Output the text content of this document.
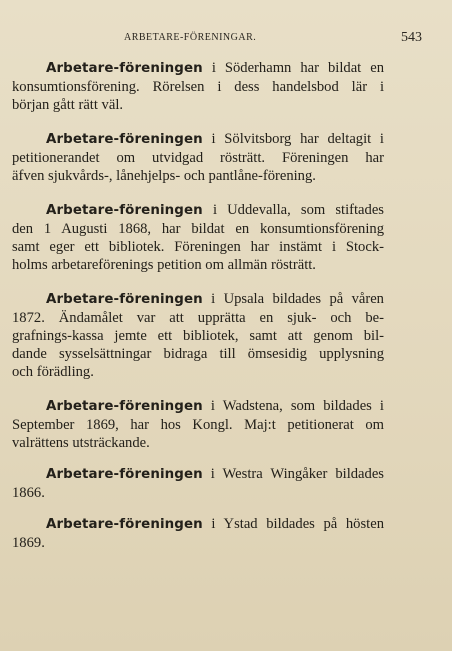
ARBETARE-FÖRENINGAR.	543
Arbetare-föreningen i Söderhamn har bildat en
konsumtionsförening. Rörelsen i dess handelsbod lär i
början gått rätt väl.
Arbetare-föreningen i Sölvitsborg har deltagit i
petitionerandet om utvidgad rösträtt. Föreningen har
äfven sjukvårds-, lånehjelps- och pantlåne-förening.
Arbetare-föreningen i Uddevalla, som stiftades
den 1 Augusti 1868, har bildat en konsumtionsförening
samt eger ett bibliotek. Föreningen har instämt i Stock-
holms arbetareförenings petition om allmän rösträtt.
Arbetare-föreningen i Upsala bildades på våren
1872. Ändamålet var att upprätta en sjuk- och be-
grafnings-kassa jemte ett bibliotek, samt att genom bil-
dande sysselsättningar bidraga till ömsesidig upplysning
och förädling.
Arbetare-föreningen i Wadstena, som bildades i
September 1869, har hos Kongl. Maj:t petitionerat om
valrättens utsträckande.
Arbetare-föreningen i Westra Wingåker bildades
1866.
Arbetare-föreningen i Ystad bildades på hösten
1869.
